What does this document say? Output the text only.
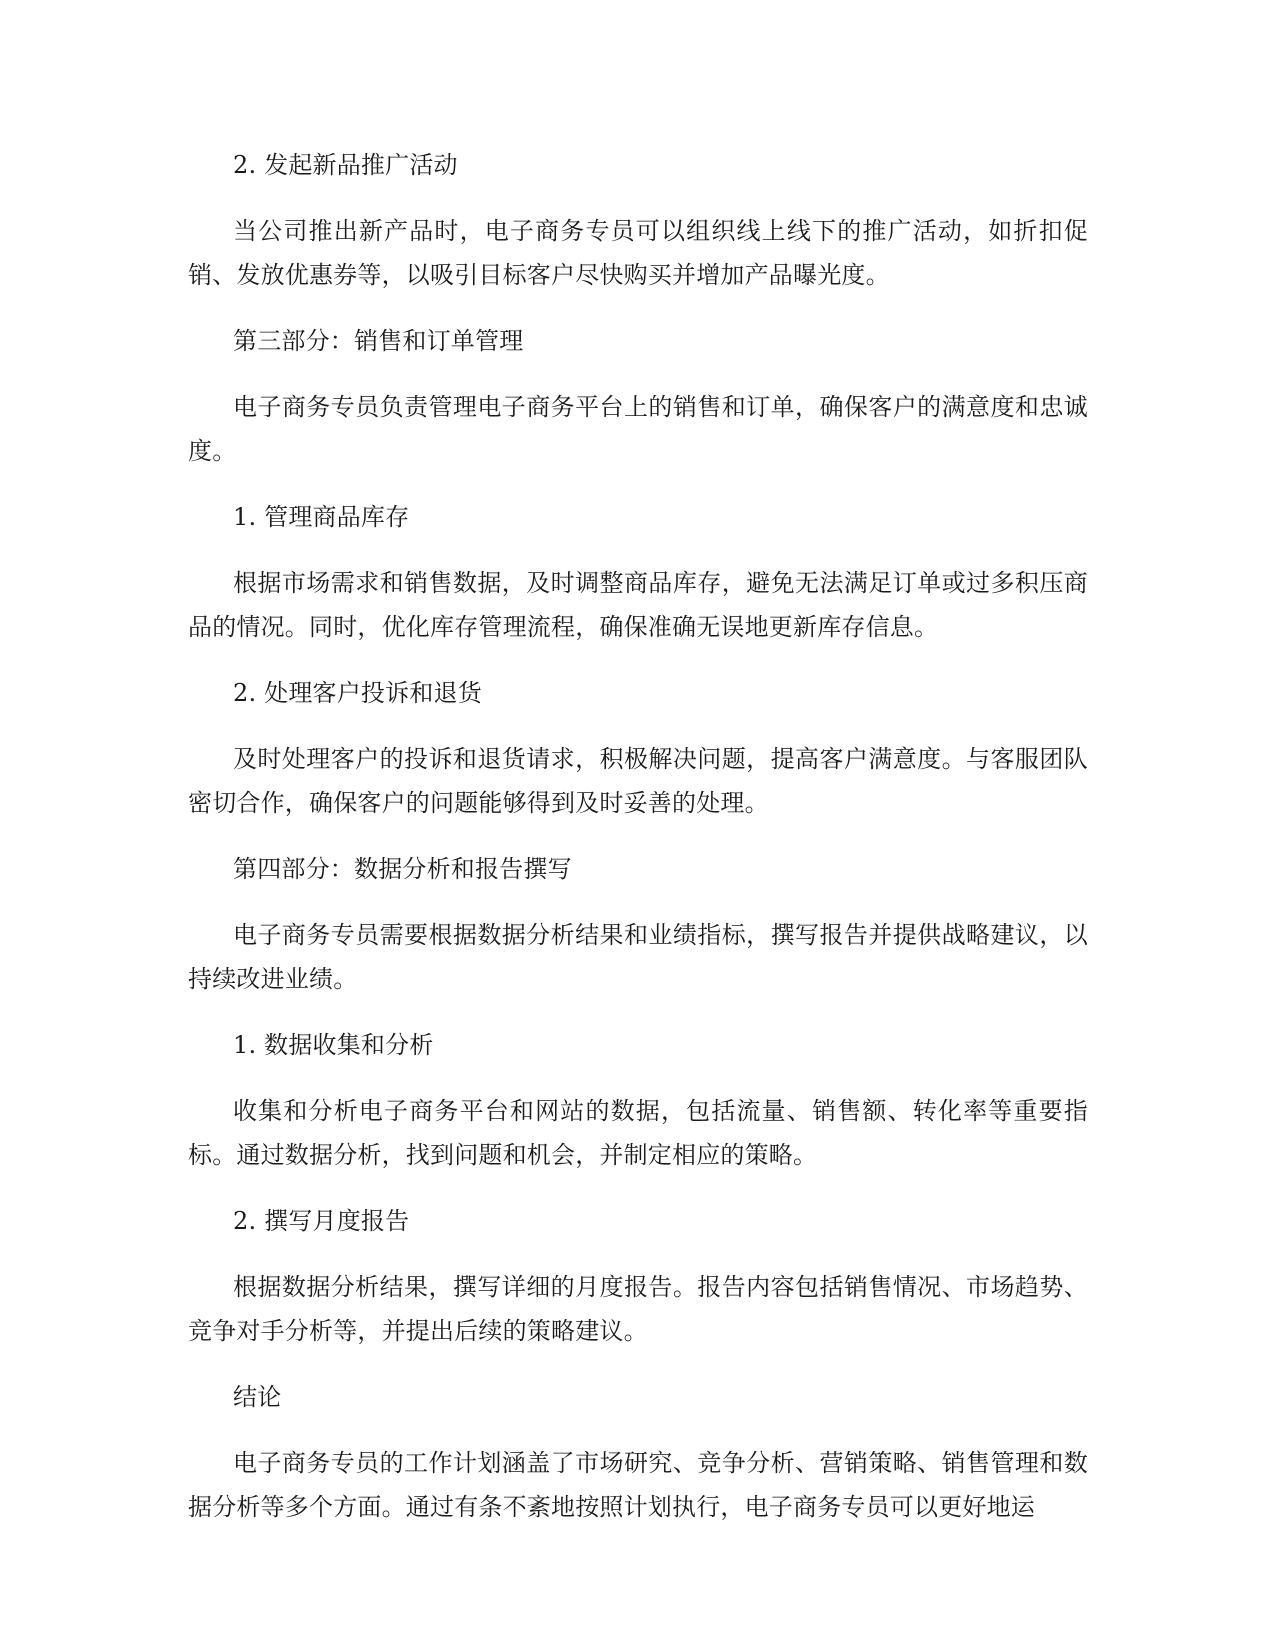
2. 发起新品推广活动

当公司推出新产品时，电子商务专员可以组织线上线下的推广活动，如折扣促销、发放优惠券等，以吸引目标客户尽快购买并增加产品曝光度。

第三部分：销售和订单管理

电子商务专员负责管理电子商务平台上的销售和订单，确保客户的满意度和忠诚度。

1. 管理商品库存

根据市场需求和销售数据，及时调整商品库存，避免无法满足订单或过多积压商品的情况。同时，优化库存管理流程，确保准确无误地更新库存信息。

2. 处理客户投诉和退货

及时处理客户的投诉和退货请求，积极解决问题，提高客户满意度。与客服团队密切合作，确保客户的问题能够得到及时妥善的处理。

第四部分：数据分析和报告撰写

电子商务专员需要根据数据分析结果和业绩指标，撰写报告并提供战略建议，以持续改进业绩。

1. 数据收集和分析

收集和分析电子商务平台和网站的数据，包括流量、销售额、转化率等重要指标。通过数据分析，找到问题和机会，并制定相应的策略。

2. 撰写月度报告

根据数据分析结果，撰写详细的月度报告。报告内容包括销售情况、市场趋势、竞争对手分析等，并提出后续的策略建议。

结论

电子商务专员的工作计划涵盖了市场研究、竞争分析、营销策略、销售管理和数据分析等多个方面。通过有条不紊地按照计划执行，电子商务专员可以更好地运
